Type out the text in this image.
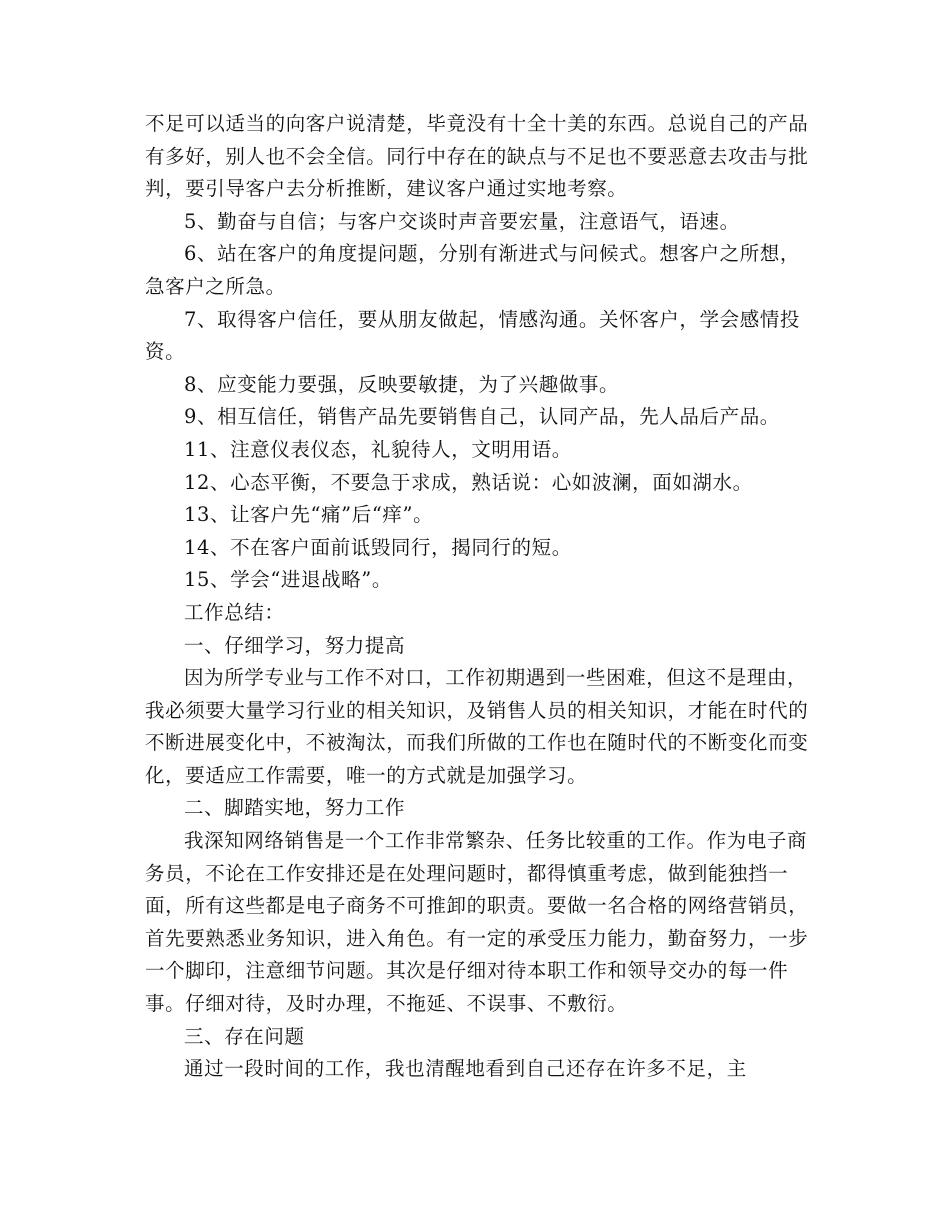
不足可以适当的向客户说清楚，毕竟没有十全十美的东西。总说自己的产品有多好，别人也不会全信。同行中存在的缺点与不足也不要恶意去攻击与批判，要引导客户去分析推断，建议客户通过实地考察。

5、勤奋与自信；与客户交谈时声音要宏量，注意语气，语速。

6、站在客户的角度提问题，分别有渐进式与问候式。想客户之所想，急客户之所急。

7、取得客户信任，要从朋友做起，情感沟通。关怀客户，学会感情投资。

8、应变能力要强，反映要敏捷，为了兴趣做事。

9、相互信任，销售产品先要销售自己，认同产品，先人品后产品。

11、注意仪表仪态，礼貌待人，文明用语。

12、心态平衡，不要急于求成，熟话说：心如波澜，面如湖水。

13、让客户先“痛”后“痒”。

14、不在客户面前诋毁同行，揭同行的短。

15、学会“进退战略”。

工作总结：

一、仔细学习，努力提高

因为所学专业与工作不对口，工作初期遇到一些困难，但这不是理由，我必须要大量学习行业的相关知识，及销售人员的相关知识，才能在时代的不断进展变化中，不被淘汰，而我们所做的工作也在随时代的不断变化而变化，要适应工作需要，唯一的方式就是加强学习。

二、脚踏实地，努力工作

我深知网络销售是一个工作非常繁杂、任务比较重的工作。作为电子商务员，不论在工作安排还是在处理问题时，都得慎重考虑，做到能独挡一面，所有这些都是电子商务不可推卸的职责。要做一名合格的网络营销员，首先要熟悉业务知识，进入角色。有一定的承受压力能力，勤奋努力，一步一个脚印，注意细节问题。其次是仔细对待本职工作和领导交办的每一件事。仔细对待，及时办理，不拖延、不误事、不敷衍。

三、存在问题

通过一段时间的工作，我也清醒地看到自己还存在许多不足，主
